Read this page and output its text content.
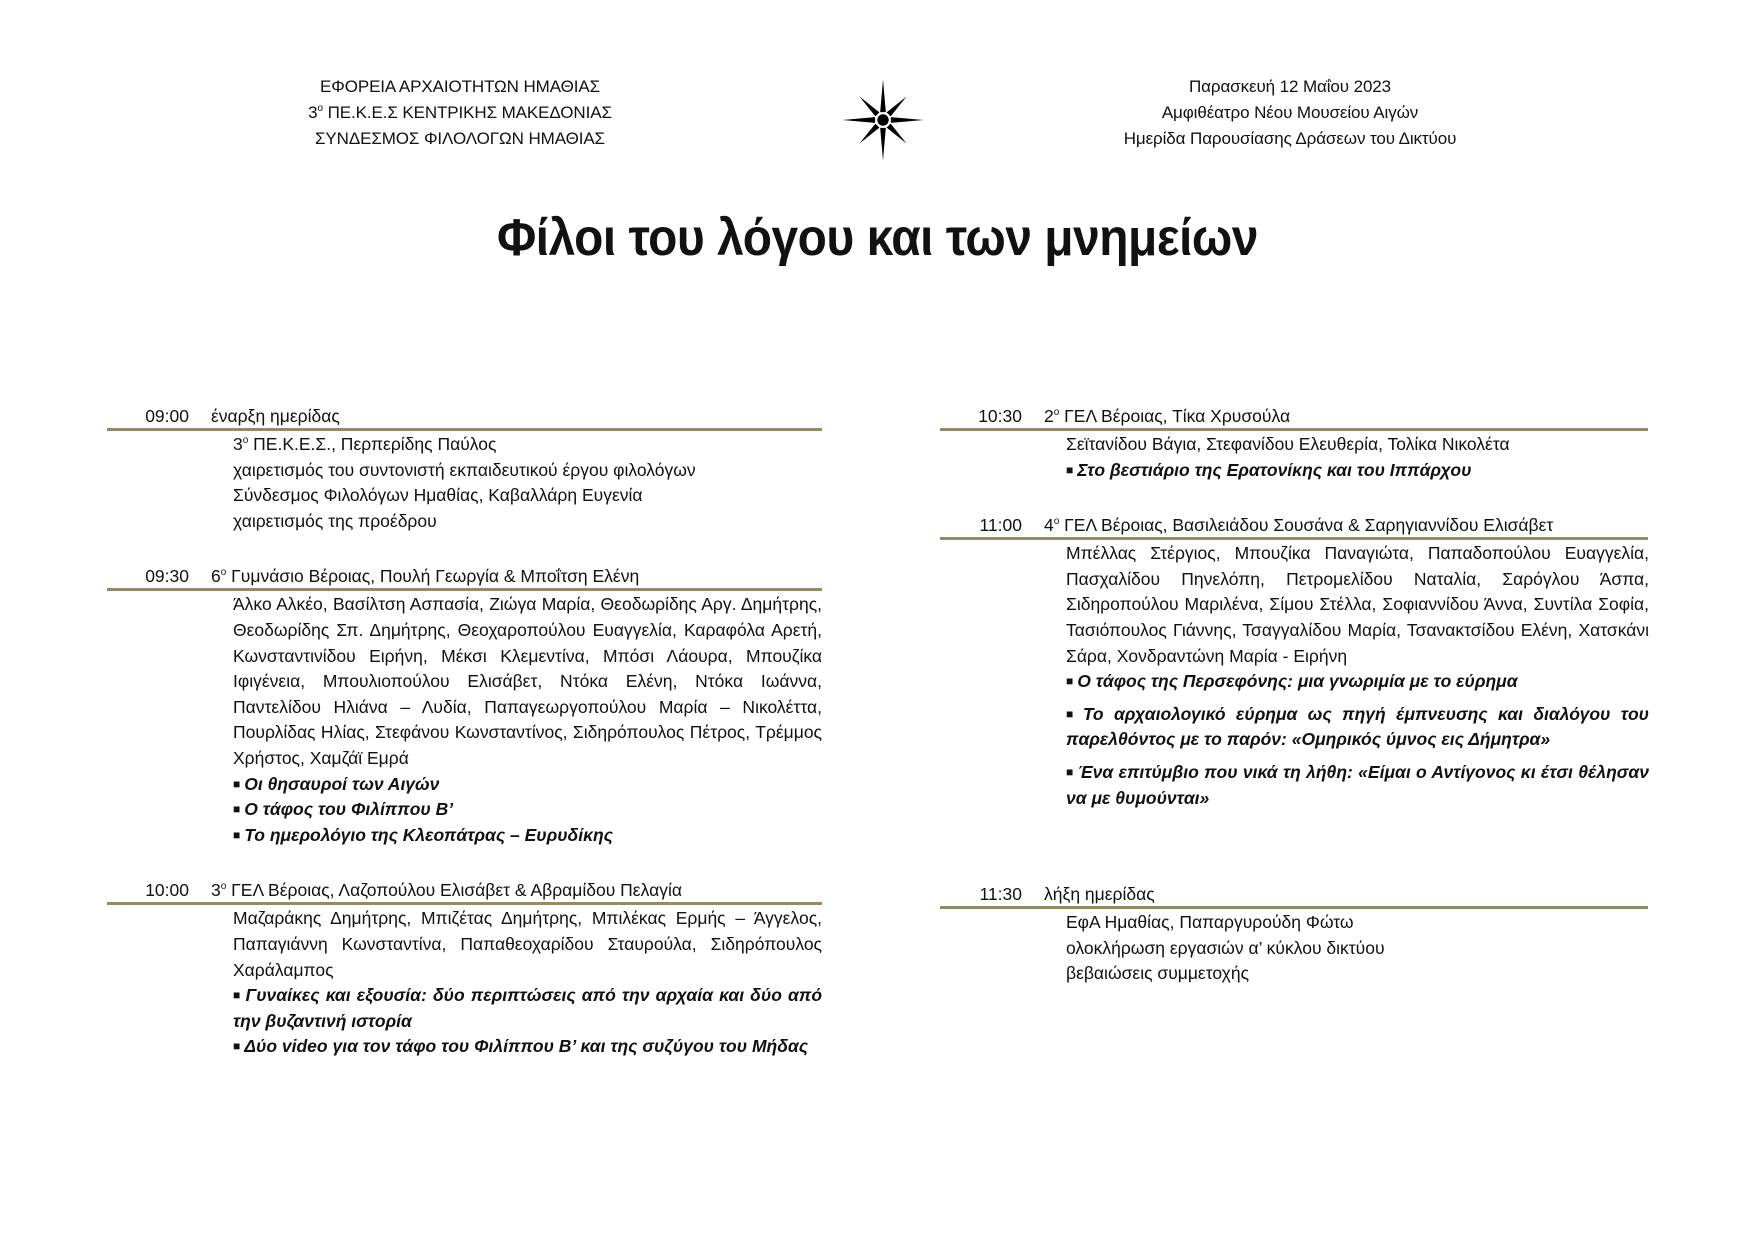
ΕΦΟΡΕΙΑ ΑΡΧΑΙΟΤΗΤΩΝ ΗΜΑΘΙΑΣ
$3^o$ ΠΕ.Κ.Ε.Σ ΚΕΝΤΡΙΚΗΣ ΜΑΚΕΔΟΝΙΑΣ
ΣΥΝΔΕΣΜΟΣ ΦΙΛΟΛΟΓΩΝ ΗΜΑΘΙΑΣ
Παρασκευή 12 Μαΐου 2023
Αμφιθέατρο Νέου Μουσείου Αιγών
Ημερίδα Παρουσίασης Δράσεων του Δικτύου
Φίλοι του λόγου και των μνημείων
09:00	έναρξη ημερίδας
$3^o$ ΠΕ.Κ.Ε.Σ., Περπερίδης Παύλος
χαιρετισμός του συντονιστή εκπαιδευτικού έργου φιλολόγων
Σύνδεσμος Φιλολόγων Ημαθίας, Καβαλλάρη Ευγενία
χαιρετισμός της προέδρου
09:30	$6^o$ Γυμνάσιο Βέροιας, Πουλή Γεωργία & Μποΐτση Ελένη
Άλκο Αλκέο, Βασίλτση Ασπασία, Ζιώγα Μαρία, Θεοδωρίδης Αργ. Δημήτρης, Θεοδωρίδης Σπ. Δημήτρης, Θεοχαροπούλου Ευαγγελία, Καραφόλα Αρετή, Κωνσταντινίδου Ειρήνη, Μέκσι Κλεμεντίνα, Μπόσι Λάουρα, Μπουζίκα Ιφιγένεια, Μπουλιοπούλου Ελισάβετ, Ντόκα Ελένη, Ντόκα Ιωάννα, Παντελίδου Ηλιάνα – Λυδία, Παπαγεωργοπούλου Μαρία – Νικολέττα, Πουρλίδας Ηλίας, Στεφάνου Κωνσταντίνος, Σιδηρόπουλος Πέτρος, Τρέμμος Χρήστος, Χαμζάϊ Εμρά
■ Οι θησαυροί των Αιγών
■ Ο τάφος του Φιλίππου Β’
■ Το ημερολόγιο της Κλεοπάτρας – Ευρυδίκης
10:00	$3^o$ ΓΕΛ Βέροιας, Λαζοπούλου Ελισάβετ & Αβραμίδου Πελαγία
Μαζαράκης Δημήτρης, Μπιζέτας Δημήτρης, Μπιλέκας Ερμής – Άγγελος, Παπαγιάννη Κωνσταντίνα, Παπαθεοχαρίδου Σταυρούλα, Σιδηρόπουλος Χαράλαμπος
■ Γυναίκες και εξουσία: δύο περιπτώσεις από την αρχαία και δύο από την βυζαντινή ιστορία
■ Δύο video για τον τάφο του Φιλίππου Β’ και της συζύγου του Μήδας
10:30	$2^o$ ΓΕΛ Βέροιας, Τίκα Χρυσούλα
Σεϊτανίδου Βάγια, Στεφανίδου Ελευθερία, Τολίκα Νικολέτα
■ Στο βεστιάριο της Ερατονίκης και του Ιππάρχου
11:00	$4^o$ ΓΕΛ Βέροιας, Βασιλειάδου Σουσάνα & Σαρηγιαννίδου Ελισάβετ
Μπέλλας Στέργιος, Μπουζίκα Παναγιώτα, Παπαδοπούλου Ευαγγελία, Πασχαλίδου Πηνελόπη, Πετρομελίδου Ναταλία, Σαρόγλου Άσπα, Σιδηροπούλου Μαριλένα, Σίμου Στέλλα, Σοφιαννίδου Άννα, Συντίλα Σοφία, Τασιόπουλος Γιάννης, Τσαγγαλίδου Μαρία, Τσανακτσίδου Ελένη, Χατσκάνι Σάρα, Χονδραντώνη Μαρία - Ειρήνη
■ Ο τάφος της Περσεφόνης: μια γνωριμία με το εύρημα
■ Το αρχαιολογικό εύρημα ως πηγή έμπνευσης και διαλόγου του παρελθόντος με το παρόν: «Ομηρικός ύμνος εις Δήμητρα»
■ Ένα επιτύμβιο που νικά τη λήθη: «Είμαι ο Αντίγονος κι έτσι θέλησαν να με θυμούνται»
11:30	λήξη ημερίδας
ΕφΑ Ημαθίας, Παπαργυρούδη Φώτω
ολοκλήρωση εργασιών α’ κύκλου δικτύου
βεβαιώσεις συμμετοχής
